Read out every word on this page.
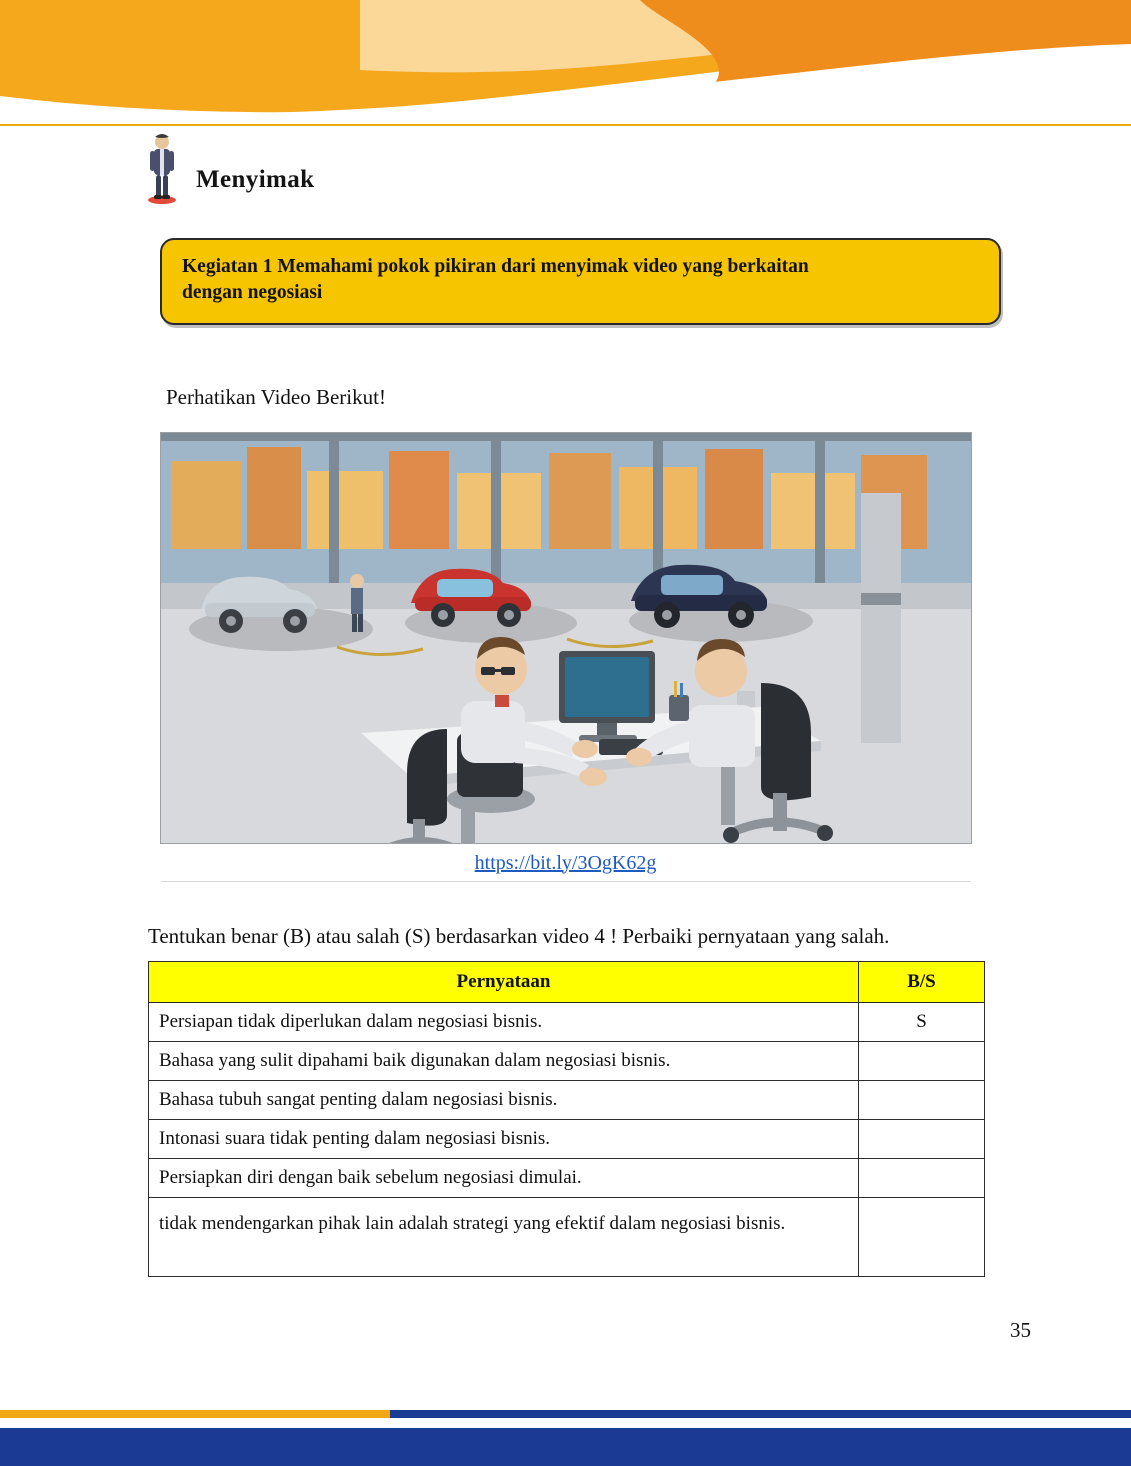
Menyimak
Kegiatan 1 Memahami pokok pikiran dari menyimak video yang berkaitan
dengan negosiasi
Perhatikan Video Berikut!
https://bit.ly/3OgK62g
Tentukan benar (B) atau salah (S) berdasarkan video 4 ! Perbaiki pernyataan yang salah.
Pernyataan	B/S
Persiapan tidak diperlukan dalam negosiasi bisnis.	S
Bahasa yang sulit dipahami baik digunakan dalam negosiasi bisnis.	
Bahasa tubuh sangat penting dalam negosiasi bisnis.	
Intonasi suara tidak penting dalam negosiasi bisnis.	
Persiapkan diri dengan baik sebelum negosiasi dimulai.	
tidak mendengarkan pihak lain adalah strategi yang efektif dalam negosiasi bisnis.	
35
